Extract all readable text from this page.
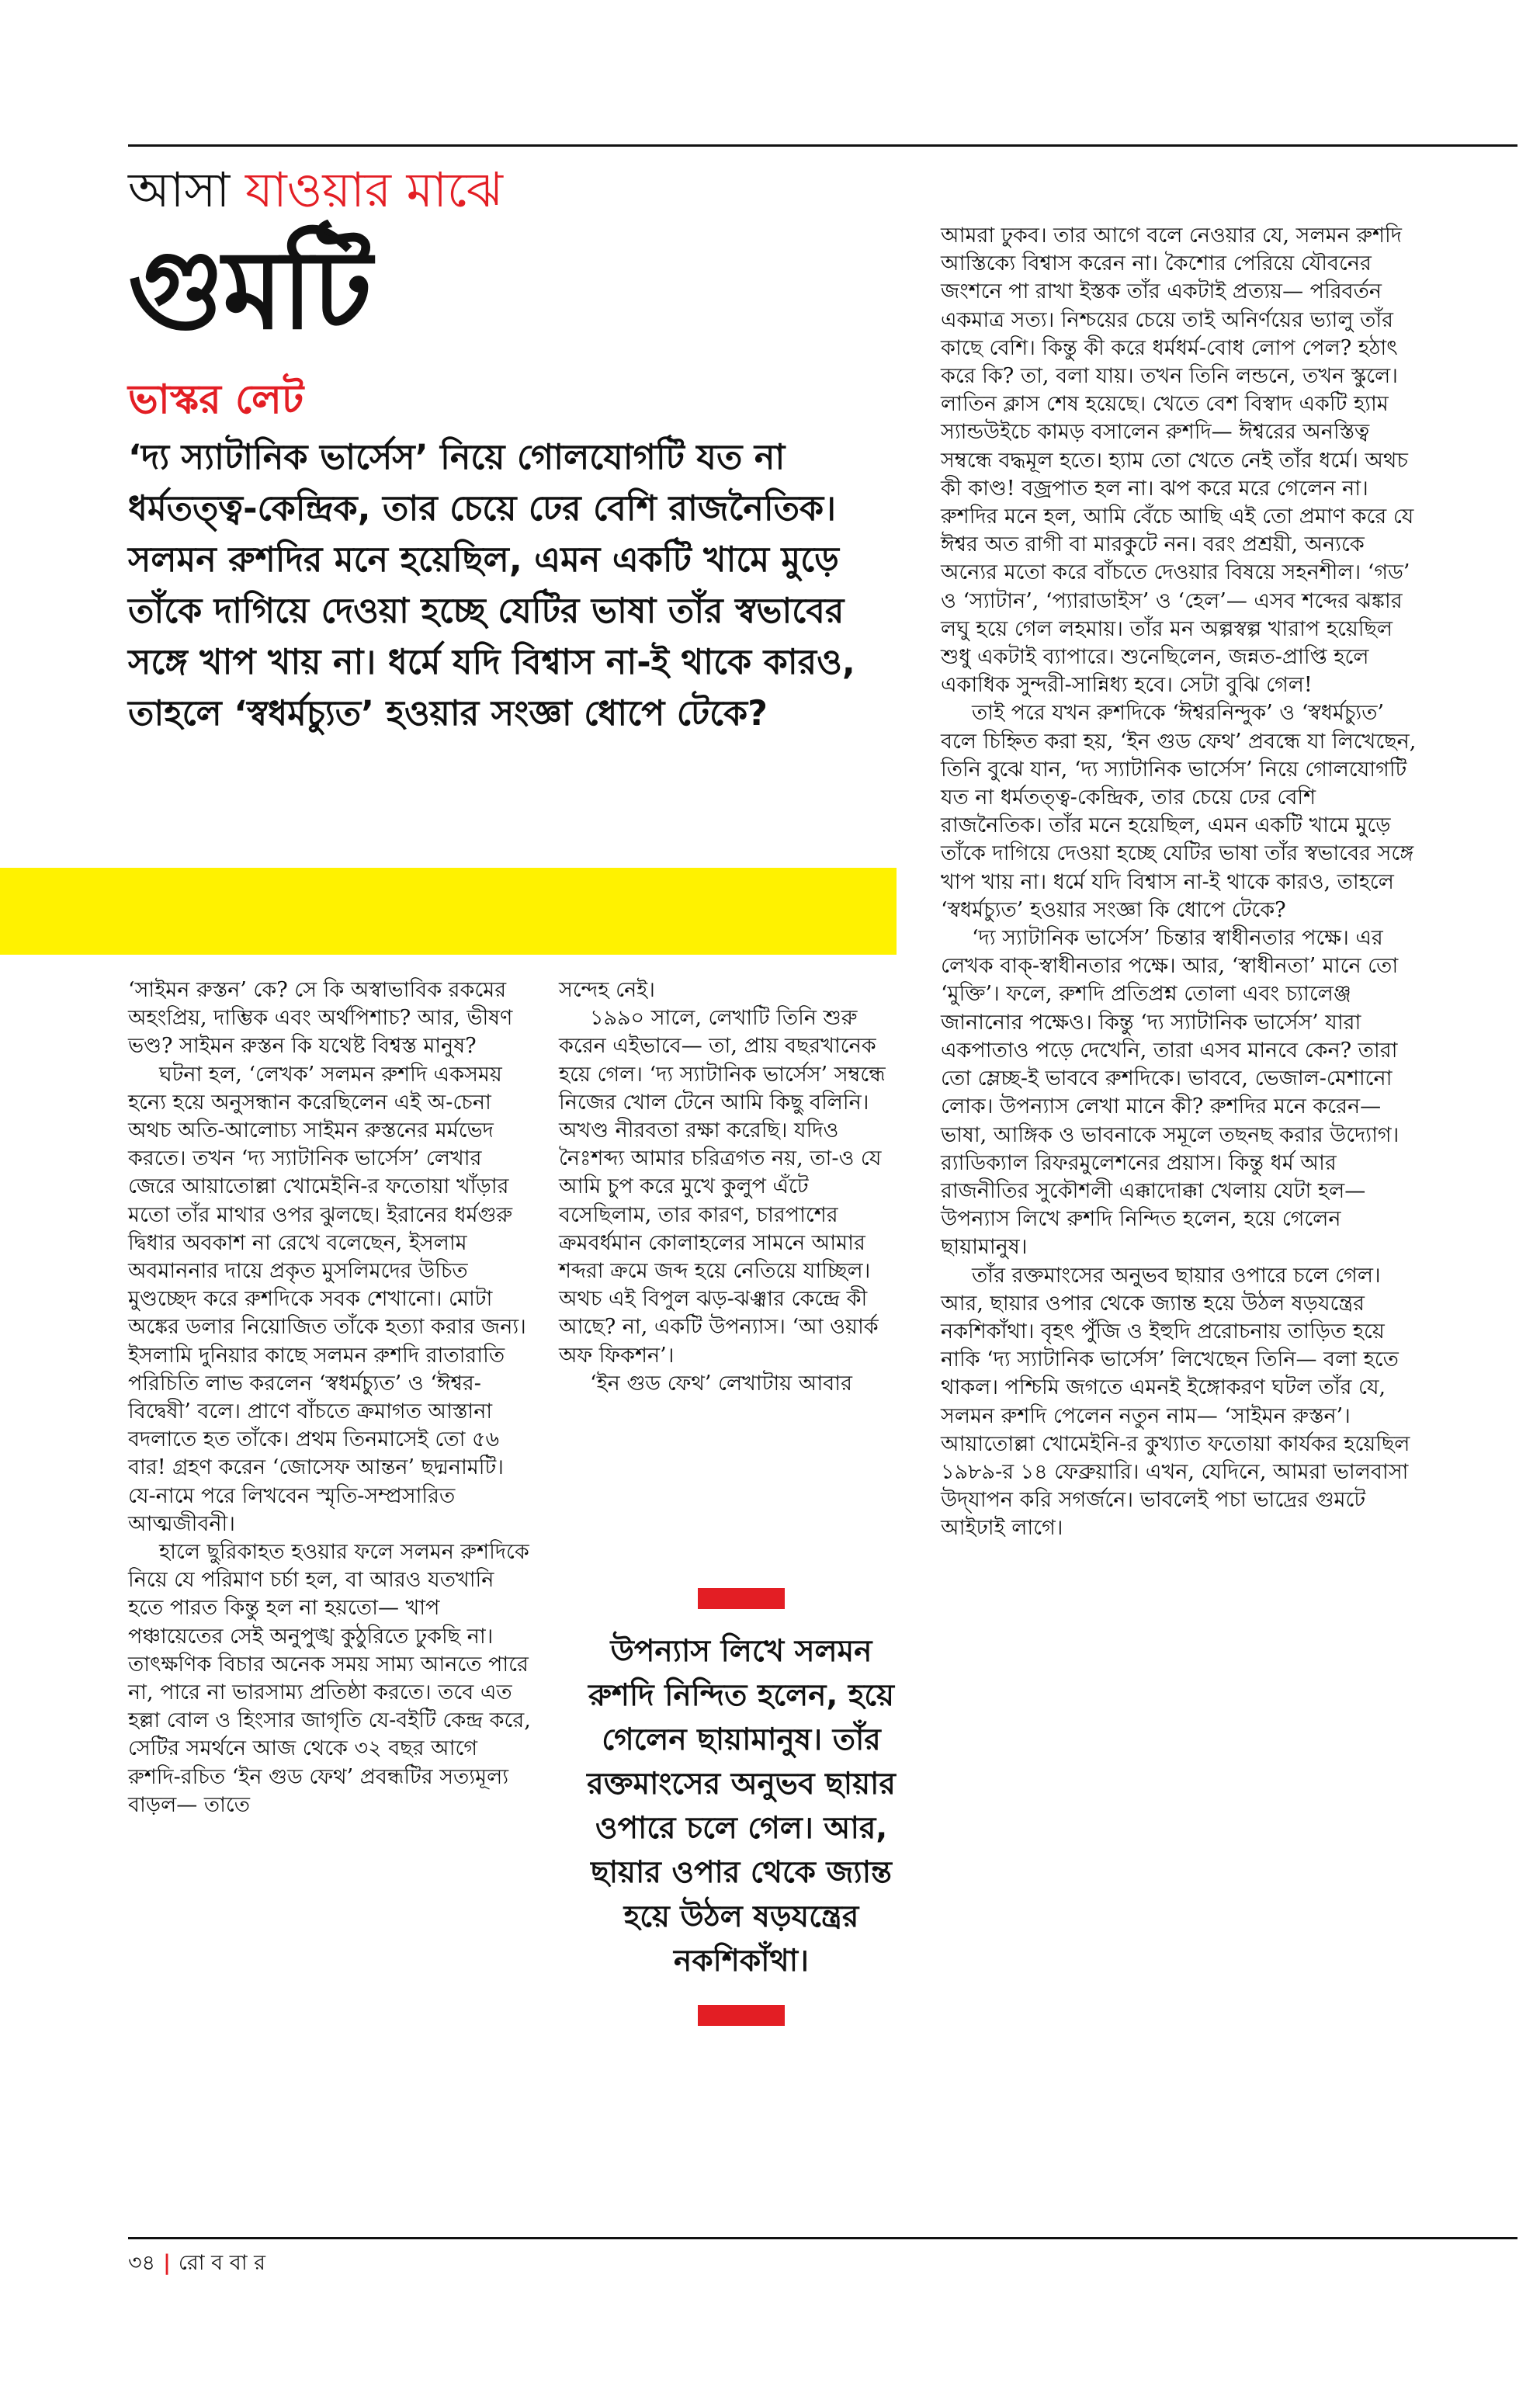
আসা যাওয়ার মাঝে
গুমটি
ভাস্কর লেট
‘দ্য স্যাটানিক ভার্সেস’ নিয়ে গোলযোগটি যত না ধর্মতত্ত্ব-কেন্দ্রিক, তার চেয়ে ঢের বেশি রাজনৈতিক। সলমন রুশদির মনে হয়েছিল, এমন একটি খামে মুড়ে তাঁকে দাগিয়ে দেওয়া হচ্ছে যেটির ভাষা তাঁর স্বভাবের সঙ্গে খাপ খায় না। ধর্মে যদি বিশ্বাস না-ই থাকে কারও, তাহলে ‘স্বধর্মচ্যুত’ হওয়ার সংজ্ঞা ধোপে টেকে?

‘সাইমন রুস্তন’ কে? সে কি অস্বাভাবিক রকমের অহংপ্রিয়, দাম্ভিক এবং অর্থপিশাচ? আর, ভীষণ ভণ্ড? সাইমন রুস্তন কি যথেষ্ট বিশ্বস্ত মানুষ?

ঘটনা হল, ‘লেখক’ সলমন রুশদি একসময় হন্যে হয়ে অনুসন্ধান করেছিলেন এই অ-চেনা অথচ অতি-আলোচ্য সাইমন রুস্তনের মর্মভেদ করতে। তখন ‘দ্য স্যাটানিক ভার্সেস’ লেখার জেরে আয়াতোল্লা খোমেইনি-র ফতোয়া খাঁড়ার মতো তাঁর মাথার ওপর ঝুলছে। ইরানের ধর্মগুরু দ্বিধার অবকাশ না রেখে বলেছেন, ইসলাম অবমাননার দায়ে প্রকৃত মুসলিমদের উচিত মুণ্ডচ্ছেদ করে রুশদিকে সবক শেখানো। মোটা অঙ্কের ডলার নিয়োজিত তাঁকে হত্যা করার জন্য। ইসলামি দুনিয়ার কাছে সলমন রুশদি রাতারাতি পরিচিতি লাভ করলেন ‘স্বধর্মচ্যুত’ ও ‘ঈশ্বর-বিদ্বেষী’ বলে। প্রাণে বাঁচতে ক্রমাগত আস্তানা বদলাতে হত তাঁকে। প্রথম তিনমাসেই তো ৫৬ বার! গ্রহণ করেন ‘জোসেফ আন্তন’ ছদ্মনামটি। যে-নামে পরে লিখবেন স্মৃতি-সম্প্রসারিত আত্মজীবনী।

হালে ছুরিকাহত হওয়ার ফলে সলমন রুশদিকে নিয়ে যে পরিমাণ চর্চা হল, বা আরও যতখানি হতে পারত কিন্তু হল না হয়তো— খাপ পঞ্চায়েতের সেই অনুপুঙ্খ কুঠুরিতে ঢুকছি না। তাৎক্ষণিক বিচার অনেক সময় সাম্য আনতে পারে না, পারে না ভারসাম্য প্রতিষ্ঠা করতে। তবে এত হল্লা বোল ও হিংসার জাগৃতি যে-বইটি কেন্দ্র করে, সেটির সমর্থনে আজ থেকে ৩২ বছর আগে রুশদি-রচিত ‘ইন গুড ফেথ’ প্রবন্ধটির সত্যমূল্য বাড়ল— তাতে

সন্দেহ নেই।

১৯৯০ সালে, লেখাটি তিনি শুরু করেন এইভাবে— তা, প্রায় বছরখানেক হয়ে গেল। ‘দ্য স্যাটানিক ভার্সেস’ সম্বন্ধে নিজের খোল টেনে আমি কিছু বলিনি। অখণ্ড নীরবতা রক্ষা করেছি। যদিও নৈঃশব্দ্য আমার চরিত্রগত নয়, তা-ও যে আমি চুপ করে মুখে কুলুপ এঁটে বসেছিলাম, তার কারণ, চারপাশের ক্রমবর্ধমান কোলাহলের সামনে আমার শব্দরা ক্রমে জব্দ হয়ে নেতিয়ে যাচ্ছিল। অথচ এই বিপুল ঝড়-ঝঞ্ঝার কেন্দ্রে কী আছে? না, একটি উপন্যাস। ‘আ ওয়ার্ক অফ ফিকশন’।

‘ইন গুড ফেথ’ লেখাটায় আবার

উপন্যাস লিখে সলমন রুশদি নিন্দিত হলেন, হয়ে গেলেন ছায়ামানুষ। তাঁর রক্তমাংসের অনুভব ছায়ার ওপারে চলে গেল। আর, ছায়ার ওপার থেকে জ্যান্ত হয়ে উঠল ষড়যন্ত্রের নকশিকাঁথা।

আমরা ঢুকব। তার আগে বলে নেওয়ার যে, সলমন রুশদি আস্তিক্যে বিশ্বাস করেন না। কৈশোর পেরিয়ে যৌবনের জংশনে পা রাখা ইস্তক তাঁর একটাই প্রত্যয়— পরিবর্তন একমাত্র সত্য। নিশ্চয়ের চেয়ে তাই অনির্ণয়ের ভ্যালু তাঁর কাছে বেশি। কিন্তু কী করে ধর্মধর্ম-বোধ লোপ পেল? হঠাৎ করে কি? তা, বলা যায়। তখন তিনি লন্ডনে, তখন স্কুলে। লাতিন ক্লাস শেষ হয়েছে। খেতে বেশ বিস্বাদ একটি হ্যাম স্যান্ডউইচে কামড় বসালেন রুশদি— ঈশ্বরের অনস্তিত্ব সম্বন্ধে বদ্ধমূল হতে। হ্যাম তো খেতে নেই তাঁর ধর্মে। অথচ কী কাণ্ড! বজ্রপাত হল না। ঝপ করে মরে গেলেন না। রুশদির মনে হল, আমি বেঁচে আছি এই তো প্রমাণ করে যে ঈশ্বর অত রাগী বা মারকুটে নন। বরং প্রশ্রয়ী, অন্যকে অন্যের মতো করে বাঁচতে দেওয়ার বিষয়ে সহনশীল। ‘গড’ ও ‘স্যাটান’, ‘প্যারাডাইস’ ও ‘হেল’— এসব শব্দের ঝঙ্কার লঘু হয়ে গেল লহমায়। তাঁর মন অল্পস্বল্প খারাপ হয়েছিল শুধু একটাই ব্যাপারে। শুনেছিলেন, জন্নত-প্রাপ্তি হলে একাধিক সুন্দরী-সান্নিধ্য হবে। সেটা বুঝি গেল!

তাই পরে যখন রুশদিকে ‘ঈশ্বরনিন্দুক’ ও ‘স্বধর্মচ্যুত’ বলে চিহ্নিত করা হয়, ‘ইন গুড ফেথ’ প্রবন্ধে যা লিখেছেন, তিনি বুঝে যান, ‘দ্য স্যাটানিক ভার্সেস’ নিয়ে গোলযোগটি যত না ধর্মতত্ত্ব-কেন্দ্রিক, তার চেয়ে ঢের বেশি রাজনৈতিক। তাঁর মনে হয়েছিল, এমন একটি খামে মুড়ে তাঁকে দাগিয়ে দেওয়া হচ্ছে যেটির ভাষা তাঁর স্বভাবের সঙ্গে খাপ খায় না। ধর্মে যদি বিশ্বাস না-ই থাকে কারও, তাহলে ‘স্বধর্মচ্যুত’ হওয়ার সংজ্ঞা কি ধোপে টেকে?

‘দ্য স্যাটানিক ভার্সেস’ চিন্তার স্বাধীনতার পক্ষে। এর লেখক বাক্-স্বাধীনতার পক্ষে। আর, ‘স্বাধীনতা’ মানে তো ‘মুক্তি’। ফলে, রুশদি প্রতিপ্রশ্ন তোলা এবং চ্যালেঞ্জ জানানোর পক্ষেও। কিন্তু ‘দ্য স্যাটানিক ভার্সেস’ যারা একপাতাও পড়ে দেখেনি, তারা এসব মানবে কেন? তারা তো ম্লেচ্ছ-ই ভাববে রুশদিকে। ভাববে, ভেজাল-মেশানো লোক। উপন্যাস লেখা মানে কী? রুশদির মনে করেন— ভাষা, আঙ্গিক ও ভাবনাকে সমূলে তছনছ করার উদ্যোগ। র‌্যাডিক্যাল রিফরমুলেশনের প্রয়াস। কিন্তু ধর্ম আর রাজনীতির সুকৌশলী এক্কাদোক্কা খেলায় যেটা হল— উপন্যাস লিখে রুশদি নিন্দিত হলেন, হয়ে গেলেন ছায়ামানুষ।

তাঁর রক্তমাংসের অনুভব ছায়ার ওপারে চলে গেল। আর, ছায়ার ওপার থেকে জ্যান্ত হয়ে উঠল ষড়যন্ত্রের নকশিকাঁথা। বৃহৎ পুঁজি ও ইহুদি প্ররোচনায় তাড়িত হয়ে নাকি ‘দ্য স্যাটানিক ভার্সেস’ লিখেছেন তিনি— বলা হতে থাকল। পশ্চিমি জগতে এমনই ইঙ্গোকরণ ঘটল তাঁর যে, সলমন রুশদি পেলেন নতুন নাম— ‘সাইমন রুস্তন’। আয়াতোল্লা খোমেইনি-র কুখ্যাত ফতোয়া কার্যকর হয়েছিল ১৯৮৯-র ১৪ ফেব্রুয়ারি। এখন, যেদিনে, আমরা ভালবাসা উদ্‌যাপন করি সগর্জনে। ভাবলেই পচা ভাদ্রের গুমটে আইঢাই লাগে।

৩৪ | রো ব বা র
